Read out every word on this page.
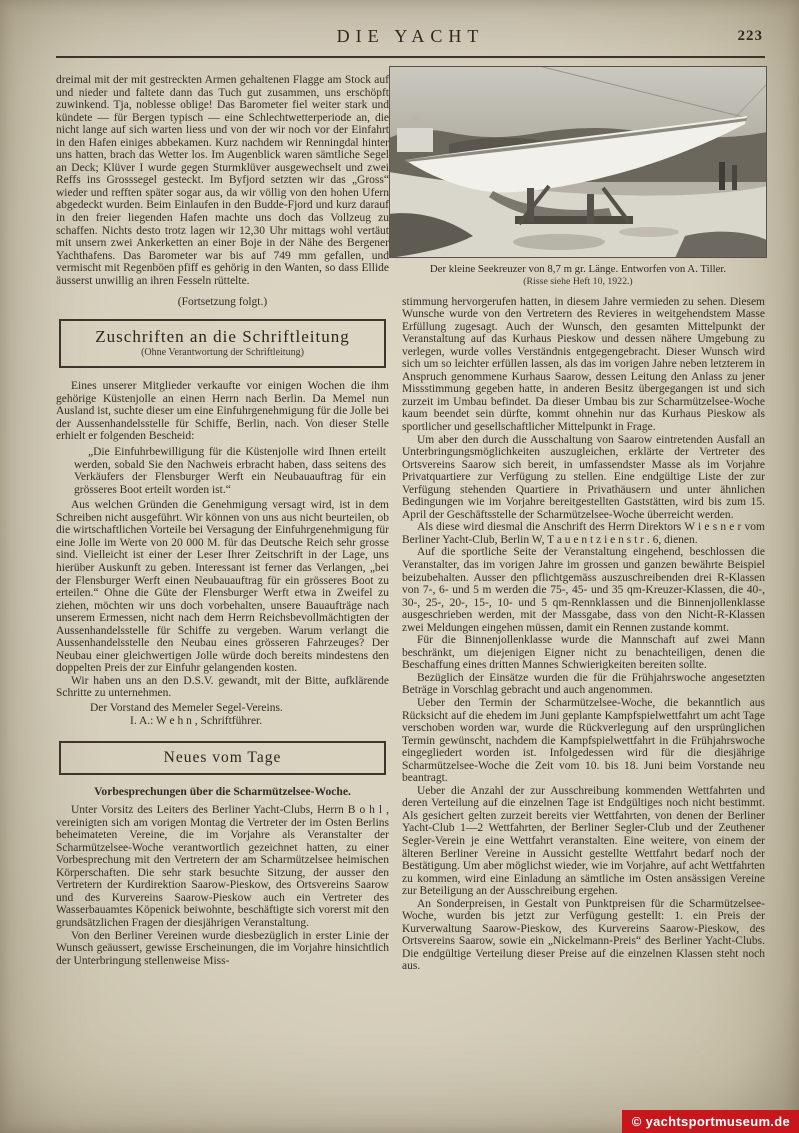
DIE YACHT	223

dreimal mit der mit gestreckten Armen gehaltenen Flagge am Stock auf und nieder und faltete dann das Tuch gut zusammen, uns erschöpft zuwinkend. Tja, noblesse oblige! Das Barometer fiel weiter stark und kündete — für Bergen typisch — eine Schlechtwetterperiode an, die nicht lange auf sich warten liess und von der wir noch vor der Einfahrt in den Hafen einiges abbekamen. Kurz nachdem wir Renningdal hinter uns hatten, brach das Wetter los. Im Augenblick waren sämtliche Segel an Deck; Klüver I wurde gegen Sturmklüver ausgewechselt und zwei Reffs ins Grosssegel gesteckt. Im Byfjord setzten wir das „Gross“ wieder und refften später sogar aus, da wir völlig von den hohen Ufern abgedeckt wurden. Beim Einlaufen in den Budde-Fjord und kurz darauf in den freier liegenden Hafen machte uns doch das Vollzeug zu schaffen. Nichts desto trotz lagen wir 12,30 Uhr mittags wohl vertäut mit unsern zwei Ankerketten an einer Boje in der Nähe des Bergener Yachthafens. Das Barometer war bis auf 749 mm gefallen, und vermischt mit Regenböen pfiff es gehörig in den Wanten, so dass Ellide äusserst unwillig an ihren Fesseln rüttelte.

(Fortsetzung folgt.)

Zuschriften an die Schriftleitung
(Ohne Verantwortung der Schriftleitung)

Eines unserer Mitglieder verkaufte vor einigen Wochen die ihm gehörige Küstenjolle an einen Herrn nach Berlin. Da Memel nun Ausland ist, suchte dieser um eine Einfuhrgenehmigung für die Jolle bei der Aussenhandelsstelle für Schiffe, Berlin, nach. Von dieser Stelle erhielt er folgenden Bescheid:

„Die Einfuhrbewilligung für die Küstenjolle wird Ihnen erteilt werden, sobald Sie den Nachweis erbracht haben, dass seitens des Verkäufers der Flensburger Werft ein Neubauauftrag für ein grösseres Boot erteilt worden ist.“

Aus welchen Gründen die Genehmigung versagt wird, ist in dem Schreiben nicht ausgeführt. Wir können von uns aus nicht beurteilen, ob die wirtschaftlichen Vorteile bei Versagung der Einfuhrgenehmigung für eine Jolle im Werte von 20 000 M. für das Deutsche Reich sehr grosse sind. Vielleicht ist einer der Leser Ihrer Zeitschrift in der Lage, uns hierüber Auskunft zu geben. Interessant ist ferner das Verlangen, „bei der Flensburger Werft einen Neubauauftrag für ein grösseres Boot zu erteilen.“ Ohne die Güte der Flensburger Werft etwa in Zweifel zu ziehen, möchten wir uns doch vorbehalten, unsere Bauaufträge nach unserem Ermessen, nicht nach dem Herrn Reichsbevollmächtigten der Aussenhandelsstelle für Schiffe zu vergeben. Warum verlangt die Aussenhandelsstelle den Neubau eines grösseren Fahrzeuges? Der Neubau einer gleichwertigen Jolle würde doch bereits mindestens den doppelten Preis der zur Einfuhr gelangenden kosten.

Wir haben uns an den D.S.V. gewandt, mit der Bitte, aufklärende Schritte zu unternehmen.

Der Vorstand des Memeler Segel-Vereins.

I. A.: W e h n , Schriftführer.

Neues vom Tage

Vorbesprechungen über die Scharmützelsee-Woche.

Unter Vorsitz des Leiters des Berliner Yacht-Clubs, Herrn B o h l , vereinigten sich am vorigen Montag die Vertreter der im Osten Berlins beheimateten Vereine, die im Vorjahre als Veranstalter der Scharmützelsee-Woche verantwortlich gezeichnet hatten, zu einer Vorbesprechung mit den Vertretern der am Scharmützelsee heimischen Körperschaften. Die sehr stark besuchte Sitzung, der ausser den Vertretern der Kurdirektion Saarow-Pieskow, des Ortsvereins Saarow und des Kurvereins Saarow-Pieskow auch ein Vertreter des Wasserbauamtes Köpenick beiwohnte, beschäftigte sich vorerst mit den grundsätzlichen Fragen der diesjährigen Veranstaltung.

Von den Berliner Vereinen wurde diesbezüglich in erster Linie der Wunsch geäussert, gewisse Erscheinungen, die im Vorjahre hinsichtlich der Unterbringung stellenweise Miss-

Der kleine Seekreuzer von 8,7 m gr. Länge. Entworfen von A. Tiller.

(Risse siehe Heft 10, 1922.)

stimmung hervorgerufen hatten, in diesem Jahre vermieden zu sehen. Diesem Wunsche wurde von den Vertretern des Revieres in weitgehendstem Masse Erfüllung zugesagt. Auch der Wunsch, den gesamten Mittelpunkt der Veranstaltung auf das Kurhaus Pieskow und dessen nähere Umgebung zu verlegen, wurde volles Verständnis entgegengebracht. Dieser Wunsch wird sich um so leichter erfüllen lassen, als das im vorigen Jahre neben letzterem in Anspruch genommene Kurhaus Saarow, dessen Leitung den Anlass zu jener Missstimmung gegeben hatte, in anderen Besitz übergegangen ist und sich zurzeit im Umbau befindet. Da dieser Umbau bis zur Scharmützelsee-Woche kaum beendet sein dürfte, kommt ohnehin nur das Kurhaus Pieskow als sportlicher und gesellschaftlicher Mittelpunkt in Frage.

Um aber den durch die Ausschaltung von Saarow eintretenden Ausfall an Unterbringungsmöglichkeiten auszugleichen, erklärte der Vertreter des Ortsvereins Saarow sich bereit, in umfassendster Masse als im Vorjahre Privatquartiere zur Verfügung zu stellen. Eine endgültige Liste der zur Verfügung stehenden Quartiere in Privathäusern und unter ähnlichen Bedingungen wie im Vorjahre bereitgestellten Gaststätten, wird bis zum 15. April der Geschäftsstelle der Scharmützelsee-Woche überreicht werden.

Als diese wird diesmal die Anschrift des Herrn Direktors W i e s n e r vom Berliner Yacht-Club, Berlin W, T a u e n t z i e n s t r . 6, dienen.

Auf die sportliche Seite der Veranstaltung eingehend, beschlossen die Veranstalter, das im vorigen Jahre im grossen und ganzen bewährte Beispiel beizubehalten. Ausser den pflichtgemäss auszuschreibenden drei R-Klassen von 7-, 6- und 5 m werden die 75-, 45- und 35 qm-Kreuzer-Klassen, die 40-, 30-, 25-, 20-, 15-, 10- und 5 qm-Rennklassen und die Binnenjollenklasse ausgeschrieben werden, mit der Massgabe, dass von den Nicht-R-Klassen zwei Meldungen eingehen müssen, damit ein Rennen zustande kommt.

Für die Binnenjollenklasse wurde die Mannschaft auf zwei Mann beschränkt, um diejenigen Eigner nicht zu benachteiligen, denen die Beschaffung eines dritten Mannes Schwierigkeiten bereiten sollte.

Bezüglich der Einsätze wurden die für die Frühjahrswoche angesetzten Beträge in Vorschlag gebracht und auch angenommen.

Ueber den Termin der Scharmützelsee-Woche, die bekanntlich aus Rücksicht auf die ehedem im Juni geplante Kampfspielwettfahrt um acht Tage verschoben worden war, wurde die Rückverlegung auf den ursprünglichen Termin gewünscht, nachdem die Kampfspielwettfahrt in die Frühjahrswoche eingegliedert worden ist. Infolgedessen wird für die diesjährige Scharmützelsee-Woche die Zeit vom 10. bis 18. Juni beim Vorstande neu beantragt.

Ueber die Anzahl der zur Ausschreibung kommenden Wettfahrten und deren Verteilung auf die einzelnen Tage ist Endgültiges noch nicht bestimmt. Als gesichert gelten zurzeit bereits vier Wettfahrten, von denen der Berliner Yacht-Club 1—2 Wettfahrten, der Berliner Segler-Club und der Zeuthener Segler-Verein je eine Wettfahrt veranstalten. Eine weitere, von einem der älteren Berliner Vereine in Aussicht gestellte Wettfahrt bedarf noch der Bestätigung. Um aber möglichst wieder, wie im Vorjahre, auf acht Wettfahrten zu kommen, wird eine Einladung an sämtliche im Osten ansässigen Vereine zur Beteiligung an der Ausschreibung ergehen.

An Sonderpreisen, in Gestalt von Punktpreisen für die Scharmützelsee-Woche, wurden bis jetzt zur Verfügung gestellt: 1. ein Preis der Kurverwaltung Saarow-Pieskow, des Kurvereins Saarow-Pieskow, des Ortsvereins Saarow, sowie ein „Nickelmann-Preis“ des Berliner Yacht-Clubs. Die endgültige Verteilung dieser Preise auf die einzelnen Klassen steht noch aus.

© yachtsportmuseum.de
